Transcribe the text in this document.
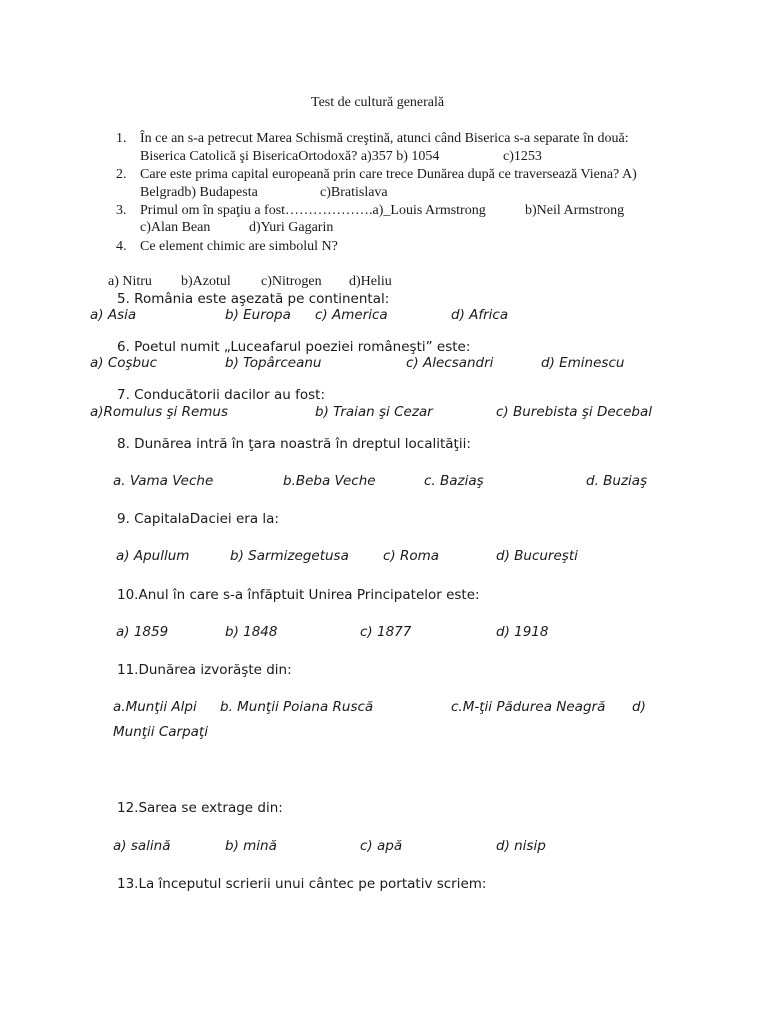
Test de cultură generală
1. În ce an s-a petrecut Marea Schismă creştină, atunci când Biserica s-a separate în două:
Biserica Catolică şi BisericaOrtodoxă? a)357 b) 1054	c)1253
2. Care este prima capital europeană prin care trece Dunărea după ce traversează Viena? A)
Belgradb) Budapesta	c)Bratislava
3. Primul om în spaţiu a fost……………….a)_Louis Armstrong	b)Neil Armstrong
c)Alan Bean	d)Yuri Gagarin
4. Ce element chimic are simbolul N?
a) Nitru b)Azotul c)Nitrogen d)Heliu
5. România este aşezată pe continental:
a) Asia	b) Europa c) America	d) Africa
6. Poetul numit „Luceafarul poeziei româneşti” este:
a) Coşbuc	b) Topârceanu	c) Alecsandri	d) Eminescu
7. Conducătorii dacilor au fost:
a)Romulus şi Remus	b) Traian şi Cezar	c) Burebista şi Decebal
8. Dunărea intră în ţara noastră în dreptul localităţii:
a. Vama Veche	b.Beba Veche	c. Baziaş	d. Buziaş
9. CapitalaDaciei era la:
a) Apullum	b) Sarmizegetusa	c) Roma	d) Bucureşti
10.Anul în care s-a înfăptuit Unirea Principatelor este:
a) 1859	b) 1848	c) 1877	d) 1918
11.Dunărea izvorăşte din:
a.Munţii Alpi b. Munţii Poiana Ruscă	c.M-ţii Pădurea Neagră d)
Munţii Carpaţi
12.Sarea se extrage din:
a) salină	b) mină	c) apă	d) nisip
13.La începutul scrierii unui cântec pe portativ scriem:
